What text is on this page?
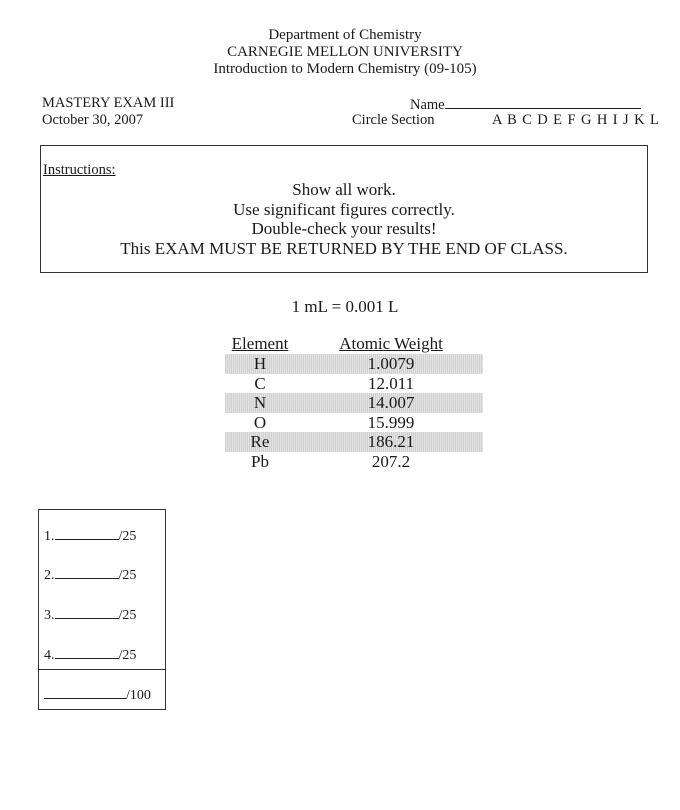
Department of Chemistry
CARNEGIE MELLON UNIVERSITY
Introduction to Modern Chemistry (09-105)
MASTERY EXAM III
October 30, 2007
Name
Circle Section	A B C D E F G H I J K L
Instructions:
Show all work.
Use significant figures correctly.
Double-check your results!
This EXAM MUST BE RETURNED BY THE END OF CLASS.
1 mL = 0.001 L
Element	Atomic Weight
H	1.0079
C	12.011
N	14.007
O	15.999
Re	186.21
Pb	207.2
1.	/25
2.	/25
3.	/25
4.	/25
/100
